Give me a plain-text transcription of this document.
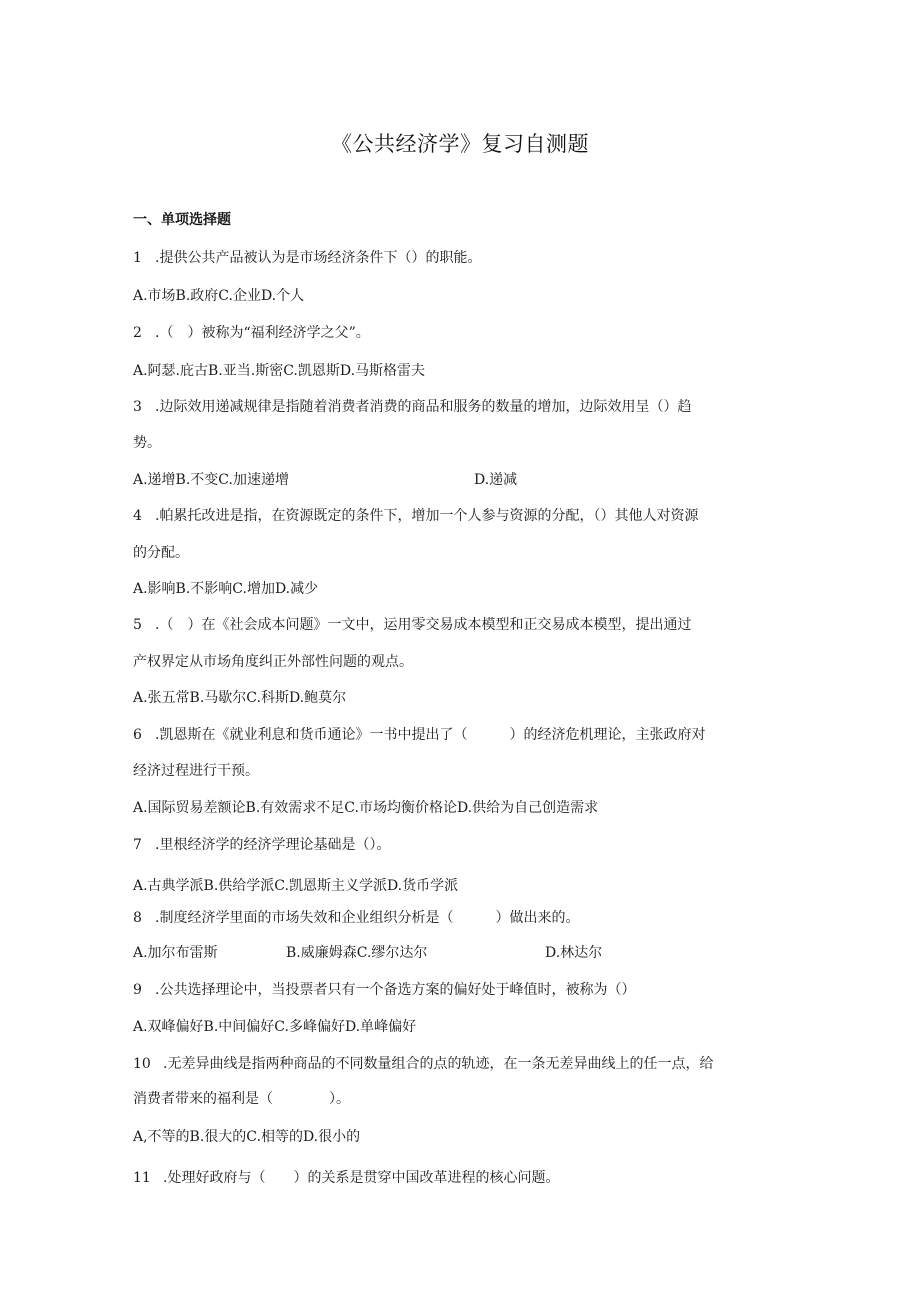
《公共经济学》复习自测题
一、单项选择题
1 .提供公共产品被认为是市场经济条件下（）的职能。
A.市场B.政府C.企业D.个人
2 .（　）被称为“福利经济学之父”。
A.阿瑟.庇古B.亚当.斯密C.凯恩斯D.马斯格雷夫
3 .边际效用递减规律是指随着消费者消费的商品和服务的数量的增加，边际效用呈（）趋
势。
A.递增B.不变C.加速递增	D.递减
4 .帕累托改进是指，在资源既定的条件下，增加一个人参与资源的分配，（）其他人对资源
的分配。
A.影响B.不影响C.增加D.减少
5 .（　）在《社会成本问题》一文中，运用零交易成本模型和正交易成本模型，提出通过
产权界定从市场角度纠正外部性问题的观点。
A.张五常B.马歇尔C.科斯D.鲍莫尔
6 .凯恩斯在《就业利息和货币通论》一书中提出了（　　　）的经济危机理论，主张政府对
经济过程进行干预。
A.国际贸易差额论B.有效需求不足C.市场均衡价格论D.供给为自己创造需求
7 .里根经济学的经济学理论基础是（）。
A.古典学派B.供给学派C.凯恩斯主义学派D.货币学派
8 .制度经济学里面的市场失效和企业组织分析是（　　　）做出来的。
A.加尔布雷斯	B.威廉姆森C.缪尔达尔	D.林达尔
9 .公共选择理论中，当投票者只有一个备选方案的偏好处于峰值时，被称为（）
A.双峰偏好B.中间偏好C.多峰偏好D.单峰偏好
10 .无差异曲线是指两种商品的不同数量组合的点的轨迹，在一条无差异曲线上的任一点，给
消费者带来的福利是（　　　　）。
A,不等的B.很大的C.相等的D.很小的
11 .处理好政府与（　　）的关系是贯穿中国改革进程的核心问题。
